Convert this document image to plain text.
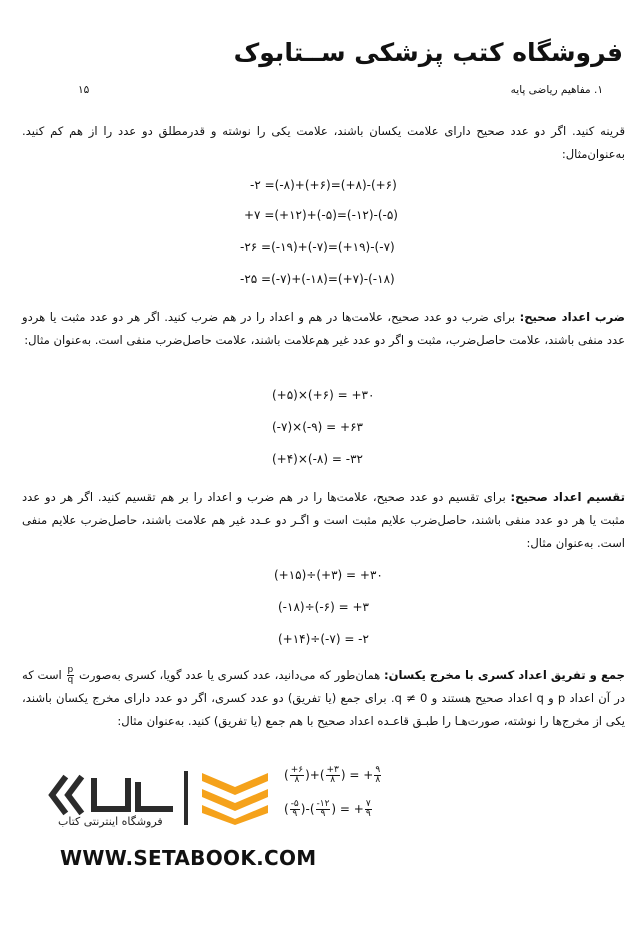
فروشگاه کتب پزشکی ســتابوک
۱۵	۱. مفاهیم ریاضی پایه
قرینه کنید. اگر دو عدد صحیح دارای علامت یکسان باشند، علامت یکی را نوشته و قدرمطلق دو عدد را از هم کم کنید. به‌عنوان‌مثال:
-۲ =(-۸)+(+۶)=(+۸)-(+۶)
+۷ =(+۱۲)+(-۵)=(-۱۲)-(-۵)
-۲۶ =(-۱۹)+(-۷)=(+۱۹)-(-۷)
-۲۵ =(-۷)+(-۱۸)=(+۷)-(-۱۸)
ضرب اعداد صحیح: برای ضرب دو عدد صحیح، علامت‌ها در هم و اعداد را در هم ضرب کنید. اگر هر دو عدد مثبت یا هردو عدد منفی باشند، علامت حاصل‌ضرب، مثبت و اگر دو عدد غیر هم‌علامت باشند، علامت حاصل‌ضرب منفی است. به‌عنوان مثال:
(+۵)×(+۶) = +۳۰
(-۷)×(-۹) = +۶۳
(+۴)×(-۸) = -۳۲
تقسیم اعداد صحیح: برای تقسیم دو عدد صحیح، علامت‌ها را در هم ضرب و اعداد را بر هم تقسیم کنید. اگر هر دو عدد مثبت یا هر دو عدد منفی باشند، حاصل‌ضرب علایم مثبت است و اگـر دو عـدد غیر هم علامت باشند، حاصل‌ضرب علایم منفی است. به‌عنوان مثال:
(+۱۵)÷(+۳) = +۳۰
(-۱۸)÷(-۶) = +۳
(+۱۴)÷(-۷) = -۲
جمع و تفریق اعداد کسری با مخرج یکسان: همان‌طور که می‌دانید، عدد کسری یا عدد گویا، کسری به‌صورت
$\frac{p}{q}$
است که در آن اعداد p و q اعداد صحیح هستند و q ≠ 0. برای جمع (یا تفریق) دو عدد کسری، اگر دو عدد دارای مخرج یکسان باشند، یکی از مخرج‌ها را نوشته، صورت‌هـا را طبـق قاعـده اعداد صحیح با هم جمع (یا تفریق) کنید. به‌عنوان مثال:
( $\frac{+۶}{۸}$ )+( $\frac{+۳}{۸}$ ) = + $\frac{۹}{۸}$
( $\frac{-۵}{۹}$ )-( $\frac{-۱۲}{۹}$ ) = + $\frac{۷}{۹}$
فروشگاه اینترنتی کتاب
WWW.SETABOOK.COM
